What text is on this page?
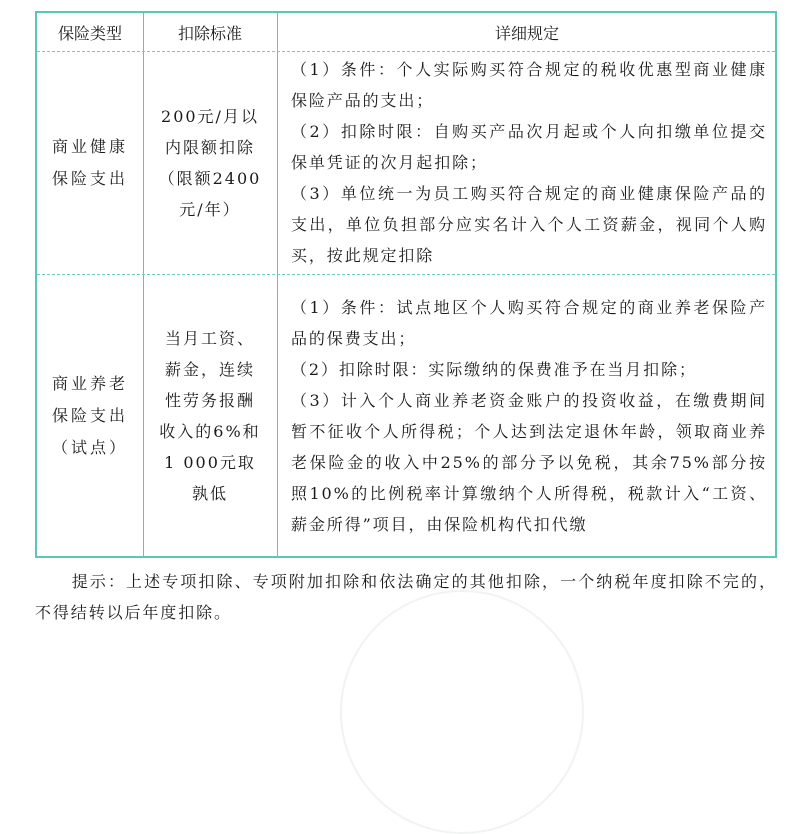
保险类型	扣除标准	详细规定
商业健康
保险支出
200元/月以
内限额扣除
（限额2400
元/年）

（1）条件：个人实际购买符合规定的税收优惠型商业健康保险产品的支出；

（2）扣除时限：自购买产品次月起或个人向扣缴单位提交保单凭证的次月起扣除；

（3）单位统一为员工购买符合规定的商业健康保险产品的支出，单位负担部分应实名计入个人工资薪金，视同个人购买，按此规定扣除

商业养老
保险支出
（试点）
当月工资、
薪金，连续
性劳务报酬
收入的6%和
1 000元取
孰低

（1）条件：试点地区个人购买符合规定的商业养老保险产品的保费支出；

（2）扣除时限：实际缴纳的保费准予在当月扣除；

（3）计入个人商业养老资金账户的投资收益，在缴费期间暂不征收个人所得税；个人达到法定退休年龄，领取商业养老保险金的收入中25%的部分予以免税，其余75%部分按照10%的比例税率计算缴纳个人所得税，税款计入“工资、薪金所得”项目，由保险机构代扣代缴

提示：上述专项扣除、专项附加扣除和依法确定的其他扣除，一个纳税年度扣除不完的，不得结转以后年度扣除。
